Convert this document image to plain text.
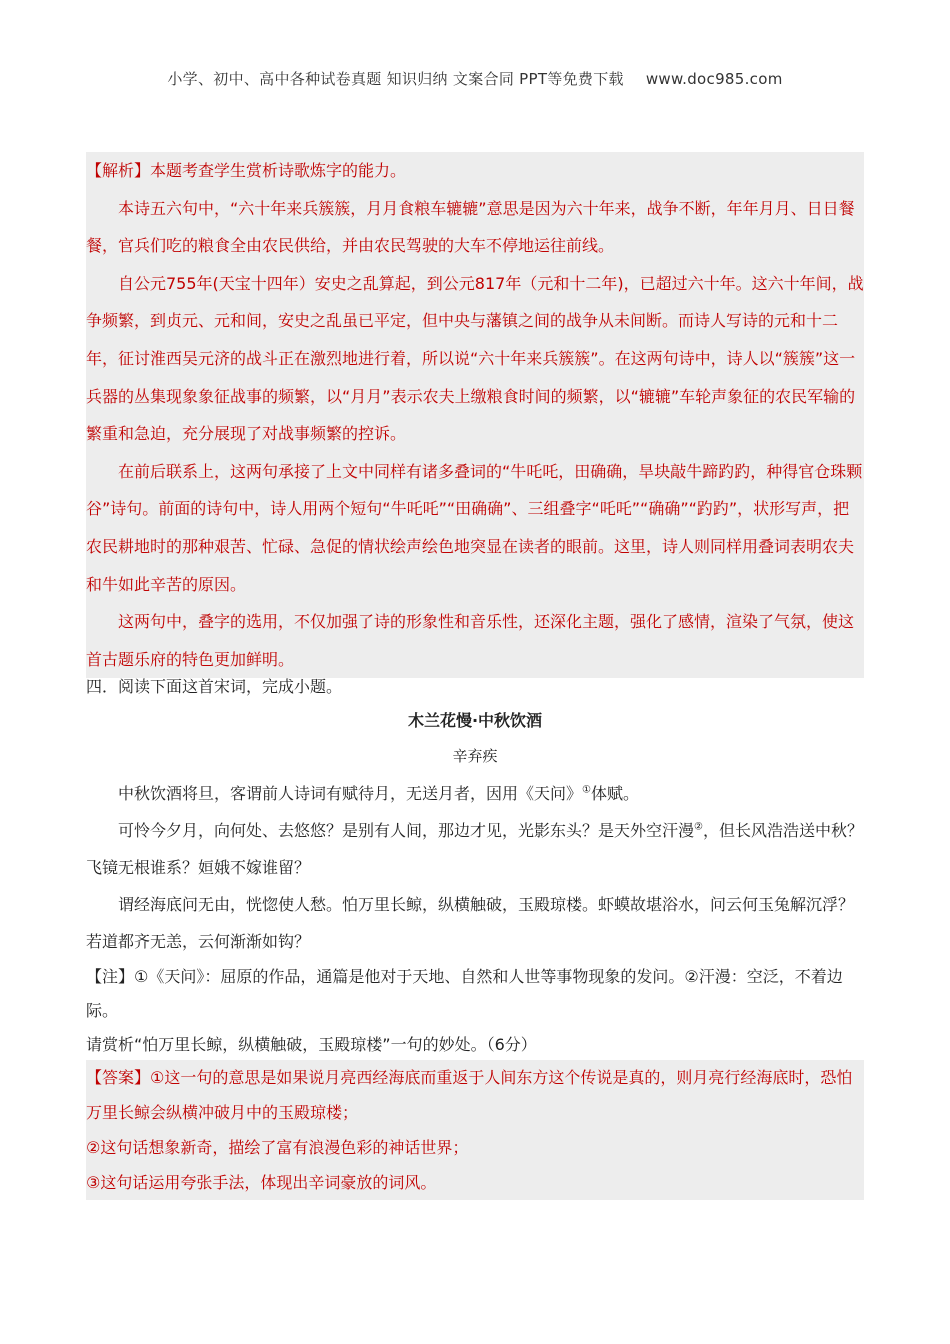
小学、初中、高中各种试卷真题 知识归纳 文案合同 PPT等免费下载 www.doc985.com

【解析】本题考查学生赏析诗歌炼字的能力。

本诗五六句中，“六十年来兵簇簇，月月食粮车辘辘”意思是因为六十年来，战争不断，年年月月、日日餐餐，官兵们吃的粮食全由农民供给，并由农民驾驶的大车不停地运往前线。

自公元755年(天宝十四年）安史之乱算起，到公元817年（元和十二年)，已超过六十年。这六十年间，战争频繁，到贞元、元和间，安史之乱虽已平定，但中央与藩镇之间的战争从未间断。而诗人写诗的元和十二年，征讨淮西吴元济的战斗正在激烈地进行着，所以说“六十年来兵簇簇”。在这两句诗中，诗人以“簇簇”这一兵器的丛集现象象征战事的频繁，以“月月”表示农夫上缴粮食时间的频繁，以“辘辘”车轮声象征的农民军输的繁重和急迫，充分展现了对战事频繁的控诉。

在前后联系上，这两句承接了上文中同样有诸多叠词的“牛吒吒，田确确，旱块敲牛蹄趵趵，种得官仓珠颗谷”诗句。前面的诗句中，诗人用两个短句“牛吒吒”“田确确”、三组叠字“吒吒”“确确”“趵趵”，状形写声，把农民耕地时的那种艰苦、忙碌、急促的情状绘声绘色地突显在读者的眼前。这里，诗人则同样用叠词表明农夫和牛如此辛苦的原因。

这两句中，叠字的选用，不仅加强了诗的形象性和音乐性，还深化主题，强化了感情，渲染了气氛，使这首古题乐府的特色更加鲜明。

四．阅读下面这首宋词，完成小题。

木兰花慢·中秋饮酒

辛弃疾

中秋饮酒将旦，客谓前人诗词有赋待月，无送月者，因用《天问》①体赋。

可怜今夕月，向何处、去悠悠？是别有人间，那边才见，光影东头？是天外空汗漫②，但长风浩浩送中秋？飞镜无根谁系？姮娥不嫁谁留？

谓经海底问无由，恍惚使人愁。怕万里长鲸，纵横触破，玉殿琼楼。虾蟆故堪浴水，问云何玉兔解沉浮？若道都齐无恙，云何渐渐如钩？

【注】①《天问》：屈原的作品，通篇是他对于天地、自然和人世等事物现象的发问。②汗漫：空泛，不着边际。

请赏析“怕万里长鲸，纵横触破，玉殿琼楼”一句的妙处。（6分）

【答案】①这一句的意思是如果说月亮西经海底而重返于人间东方这个传说是真的，则月亮行经海底时，恐怕万里长鲸会纵横冲破月中的玉殿琼楼；

②这句话想象新奇，描绘了富有浪漫色彩的神话世界；

③这句话运用夸张手法，体现出辛词豪放的词风。
